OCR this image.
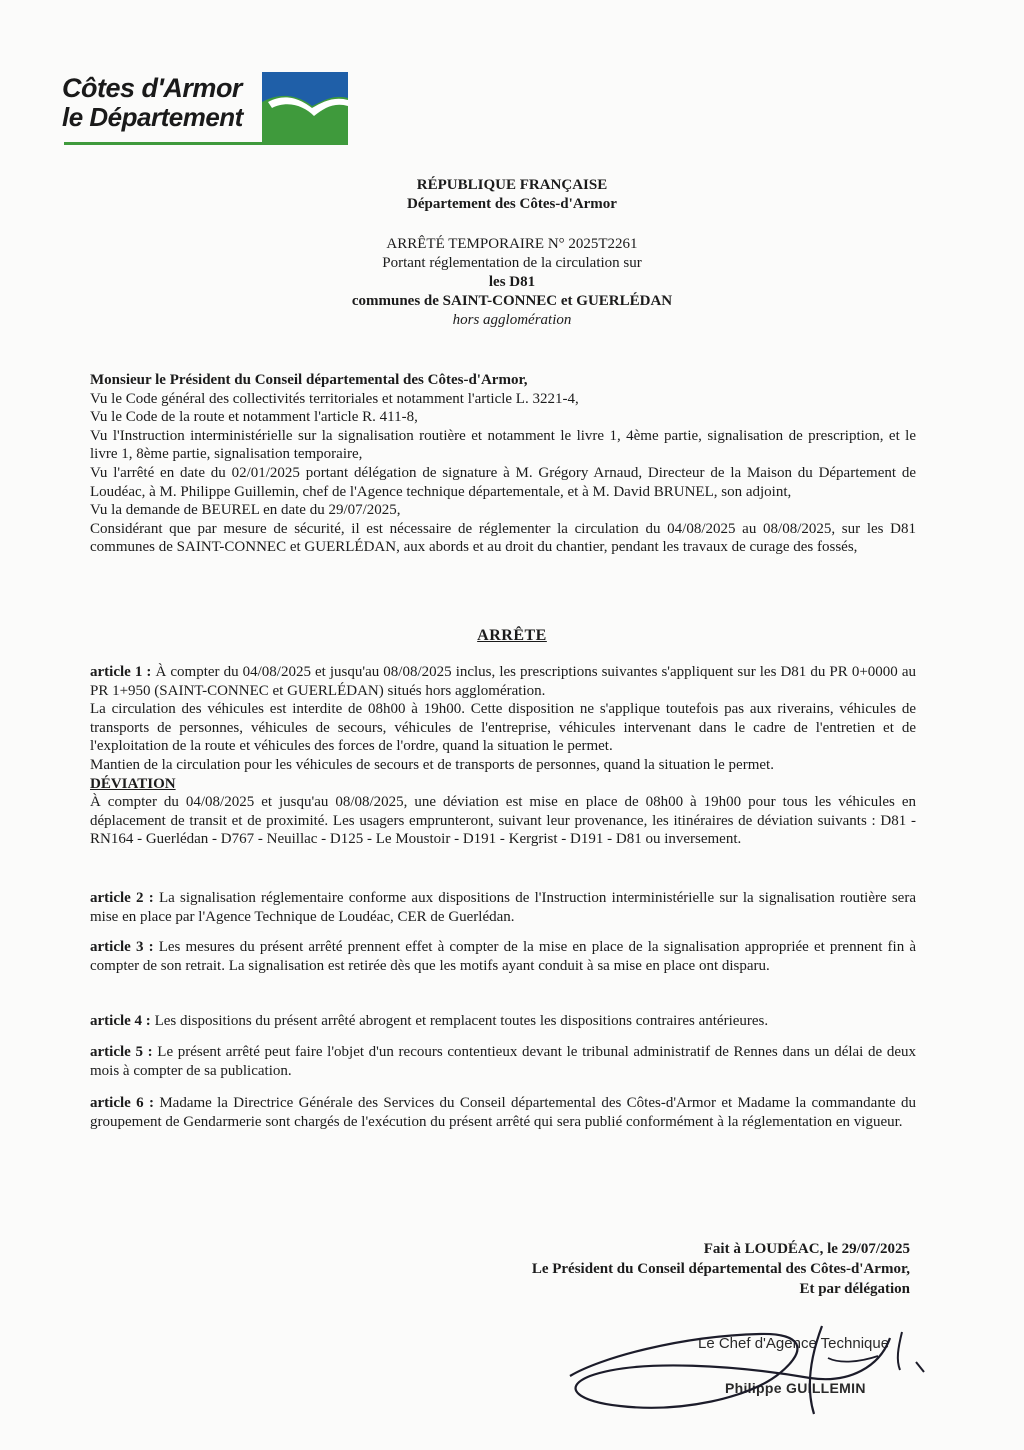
Côtes d'Armor
le Département
RÉPUBLIQUE FRANÇAISE
Département des Côtes-d'Armor
ARRÊTÉ TEMPORAIRE N° 2025T2261
Portant réglementation de la circulation sur
les D81
communes de SAINT-CONNEC et GUERLÉDAN
hors agglomération

Monsieur le Président du Conseil départemental des Côtes-d'Armor,

Vu le Code général des collectivités territoriales et notamment l'article L. 3221-4,

Vu le Code de la route et notamment l'article R. 411-8,

Vu l'Instruction interministérielle sur la signalisation routière et notamment le livre 1, 4ème partie, signalisation de prescription, et le livre 1, 8ème partie, signalisation temporaire,

Vu l'arrêté en date du 02/01/2025 portant délégation de signature à M. Grégory Arnaud, Directeur de la Maison du Département de Loudéac, à M. Philippe Guillemin, chef de l'Agence technique départementale, et à M. David BRUNEL, son adjoint,

Vu la demande de BEUREL en date du 29/07/2025,

Considérant que par mesure de sécurité, il est nécessaire de réglementer la circulation du 04/08/2025 au 08/08/2025, sur les D81 communes de SAINT-CONNEC et GUERLÉDAN, aux abords et au droit du chantier, pendant les travaux de curage des fossés,

ARRÊTE

article 1 : À compter du 04/08/2025 et jusqu'au 08/08/2025 inclus, les prescriptions suivantes s'appliquent sur les D81 du PR 0+0000 au PR 1+950 (SAINT-CONNEC et GUERLÉDAN) situés hors agglomération.

La circulation des véhicules est interdite de 08h00 à 19h00. Cette disposition ne s'applique toutefois pas aux riverains, véhicules de transports de personnes, véhicules de secours, véhicules de l'entreprise, véhicules intervenant dans le cadre de l'entretien et de l'exploitation de la route et véhicules des forces de l'ordre, quand la situation le permet.

Mantien de la circulation pour les véhicules de secours et de transports de personnes, quand la situation le permet.

DÉVIATION

À compter du 04/08/2025 et jusqu'au 08/08/2025, une déviation est mise en place de 08h00 à 19h00 pour tous les véhicules en déplacement de transit et de proximité. Les usagers emprunteront, suivant leur provenance, les itinéraires de déviation suivants : D81 - RN164 - Guerlédan - D767 - Neuillac - D125 - Le Moustoir - D191 - Kergrist - D191 - D81 ou inversement.

article 2 : La signalisation réglementaire conforme aux dispositions de l'Instruction interministérielle sur la signalisation routière sera mise en place par l'Agence Technique de Loudéac, CER de Guerlédan.

article 3 : Les mesures du présent arrêté prennent effet à compter de la mise en place de la signalisation appropriée et prennent fin à compter de son retrait. La signalisation est retirée dès que les motifs ayant conduit à sa mise en place ont disparu.

article 4 : Les dispositions du présent arrêté abrogent et remplacent toutes les dispositions contraires antérieures.

article 5 : Le présent arrêté peut faire l'objet d'un recours contentieux devant le tribunal administratif de Rennes dans un délai de deux mois à compter de sa publication.

article 6 : Madame la Directrice Générale des Services du Conseil départemental des Côtes-d'Armor et Madame la commandante du groupement de Gendarmerie sont chargés de l'exécution du présent arrêté qui sera publié conformément à la réglementation en vigueur.

Fait à LOUDÉAC, le 29/07/2025
Le Président du Conseil départemental des Côtes-d'Armor,
Et par délégation
Le Chef d'Agence Technique
Philippe GUILLEMIN
